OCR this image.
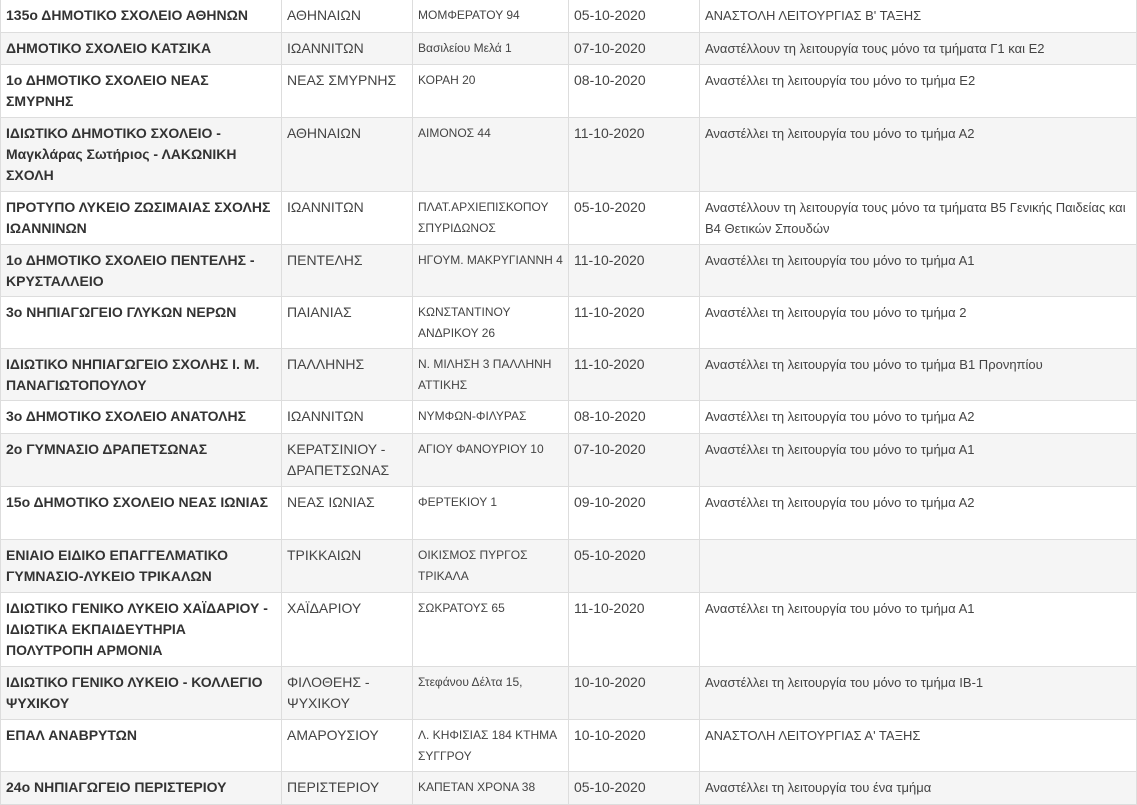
135ο ΔΗΜΟΤΙΚΟ ΣΧΟΛΕΙΟ ΑΘΗΝΩΝ	ΑΘΗΝΑΙΩΝ	ΜΟΜΦΕΡΑΤΟΥ 94	05-10-2020	ΑΝΑΣΤΟΛΗ ΛΕΙΤΟΥΡΓΙΑΣ Β' ΤΑΞΗΣ
ΔΗΜΟΤΙΚΟ ΣΧΟΛΕΙΟ ΚΑΤΣΙΚΑ	ΙΩΑΝΝΙΤΩΝ	Βασιλείου Μελά 1	07-10-2020	Αναστέλλουν τη λειτουργία τους μόνο τα τμήματα Γ1 και Ε2
1ο ΔΗΜΟΤΙΚΟ ΣΧΟΛΕΙΟ ΝΕΑΣ ΣΜΥΡΝΗΣ	ΝΕΑΣ ΣΜΥΡΝΗΣ	ΚΟΡΑΗ 20	08-10-2020	Αναστέλλει τη λειτουργία του μόνο το τμήμα Ε2
ΙΔΙΩΤΙΚΟ ΔΗΜΟΤΙΚΟ ΣΧΟΛΕΙΟ - Μαγκλάρας Σωτήριος - ΛΑΚΩΝΙΚΗ ΣΧΟΛΗ	ΑΘΗΝΑΙΩΝ	ΑΙΜΟΝΟΣ 44	11-10-2020	Αναστέλλει τη λειτουργία του μόνο το τμήμα Α2
ΠΡΟΤΥΠΟ ΛΥΚΕΙΟ ΖΩΣΙΜΑΙΑΣ ΣΧΟΛΗΣ ΙΩΑΝΝΙΝΩΝ	ΙΩΑΝΝΙΤΩΝ	ΠΛΑΤ.ΑΡΧΙΕΠΙΣΚΟΠΟΥ ΣΠΥΡΙΔΩΝΟΣ	05-10-2020	Αναστέλλουν τη λειτουργία τους μόνο τα τμήματα Β5 Γενικής Παιδείας και Β4 Θετικών Σπουδών
1ο ΔΗΜΟΤΙΚΟ ΣΧΟΛΕΙΟ ΠΕΝΤΕΛΗΣ - ΚΡΥΣΤΑΛΛΕΙΟ	ΠΕΝΤΕΛΗΣ	ΗΓΟΥΜ. ΜΑΚΡΥΓΙΑΝΝΗ 4	11-10-2020	Αναστέλλει τη λειτουργία του μόνο το τμήμα Α1
3ο ΝΗΠΙΑΓΩΓΕΙΟ ΓΛΥΚΩΝ ΝΕΡΩΝ	ΠΑΙΑΝΙΑΣ	ΚΩΝΣΤΑΝΤΙΝΟΥ ΑΝΔΡΙΚΟΥ 26	11-10-2020	Αναστέλλει τη λειτουργία του μόνο το τμήμα 2
ΙΔΙΩΤΙΚΟ ΝΗΠΙΑΓΩΓΕΙΟ ΣΧΟΛΗΣ Ι. Μ. ΠΑΝΑΓΙΩΤΟΠΟΥΛΟΥ	ΠΑΛΛΗΝΗΣ	Ν. ΜΙΛΗΣΗ 3 ΠΑΛΛΗΝΗ ΑΤΤΙΚΗΣ	11-10-2020	Αναστέλλει τη λειτουργία του μόνο το τμήμα Β1 Προνηπίου
3ο ΔΗΜΟΤΙΚΟ ΣΧΟΛΕΙΟ ΑΝΑΤΟΛΗΣ	ΙΩΑΝΝΙΤΩΝ	ΝΥΜΦΩΝ-ΦΙΛΥΡΑΣ	08-10-2020	Αναστέλλει τη λειτουργία του μόνο το τμήμα Α2
2ο ΓΥΜΝΑΣΙΟ ΔΡΑΠΕΤΣΩΝΑΣ	ΚΕΡΑΤΣΙΝΙΟΥ - ΔΡΑΠΕΤΣΩΝΑΣ	ΑΓΙΟΥ ΦΑΝΟΥΡΙΟΥ 10	07-10-2020	Αναστέλλει τη λειτουργία του μόνο το τμήμα Α1
15ο ΔΗΜΟΤΙΚΟ ΣΧΟΛΕΙΟ ΝΕΑΣ ΙΩΝΙΑΣ	ΝΕΑΣ ΙΩΝΙΑΣ	ΦΕΡΤΕΚΙΟΥ 1	09-10-2020	Αναστέλλει τη λειτουργία του μόνο το τμήμα Α2
ΕΝΙΑΙΟ ΕΙΔΙΚΟ ΕΠΑΓΓΕΛΜΑΤΙΚΟ ΓΥΜΝΑΣΙΟ-ΛΥΚΕΙΟ ΤΡΙΚΑΛΩΝ	ΤΡΙΚΚΑΙΩΝ	ΟΙΚΙΣΜΟΣ ΠΥΡΓΟΣ ΤΡΙΚΑΛΑ	05-10-2020	
ΙΔΙΩΤΙΚΟ ΓΕΝΙΚΟ ΛΥΚΕΙΟ ΧΑΪΔΑΡΙΟΥ - ΙΔΙΩΤΙΚΑ ΕΚΠΑΙΔΕΥΤΗΡΙΑ ΠΟΛΥΤΡΟΠΗ ΑΡΜΟΝΙΑ	ΧΑΪΔΑΡΙΟΥ	ΣΩΚΡΑΤΟΥΣ 65	11-10-2020	Αναστέλλει τη λειτουργία του μόνο το τμήμα Α1
ΙΔΙΩΤΙΚΟ ΓΕΝΙΚΟ ΛΥΚΕΙΟ - ΚΟΛΛΕΓΙΟ ΨΥΧΙΚΟΥ	ΦΙΛΟΘΕΗΣ - ΨΥΧΙΚΟΥ	Στεφάνου Δέλτα 15,	10-10-2020	Αναστέλλει τη λειτουργία του μόνο το τμήμα ΙΒ-1
ΕΠΑΛ ΑΝΑΒΡΥΤΩΝ	ΑΜΑΡΟΥΣΙΟΥ	Λ. ΚΗΦΙΣΙΑΣ 184 ΚΤΗΜΑ ΣΥΓΓΡΟΥ	10-10-2020	ΑΝΑΣΤΟΛΗ ΛΕΙΤΟΥΡΓΙΑΣ Α' ΤΑΞΗΣ
24ο ΝΗΠΙΑΓΩΓΕΙΟ ΠΕΡΙΣΤΕΡΙΟΥ	ΠΕΡΙΣΤΕΡΙΟΥ	ΚΑΠΕΤΑΝ ΧΡΟΝΑ 38	05-10-2020	Αναστέλλει τη λειτουργία του ένα τμήμα
